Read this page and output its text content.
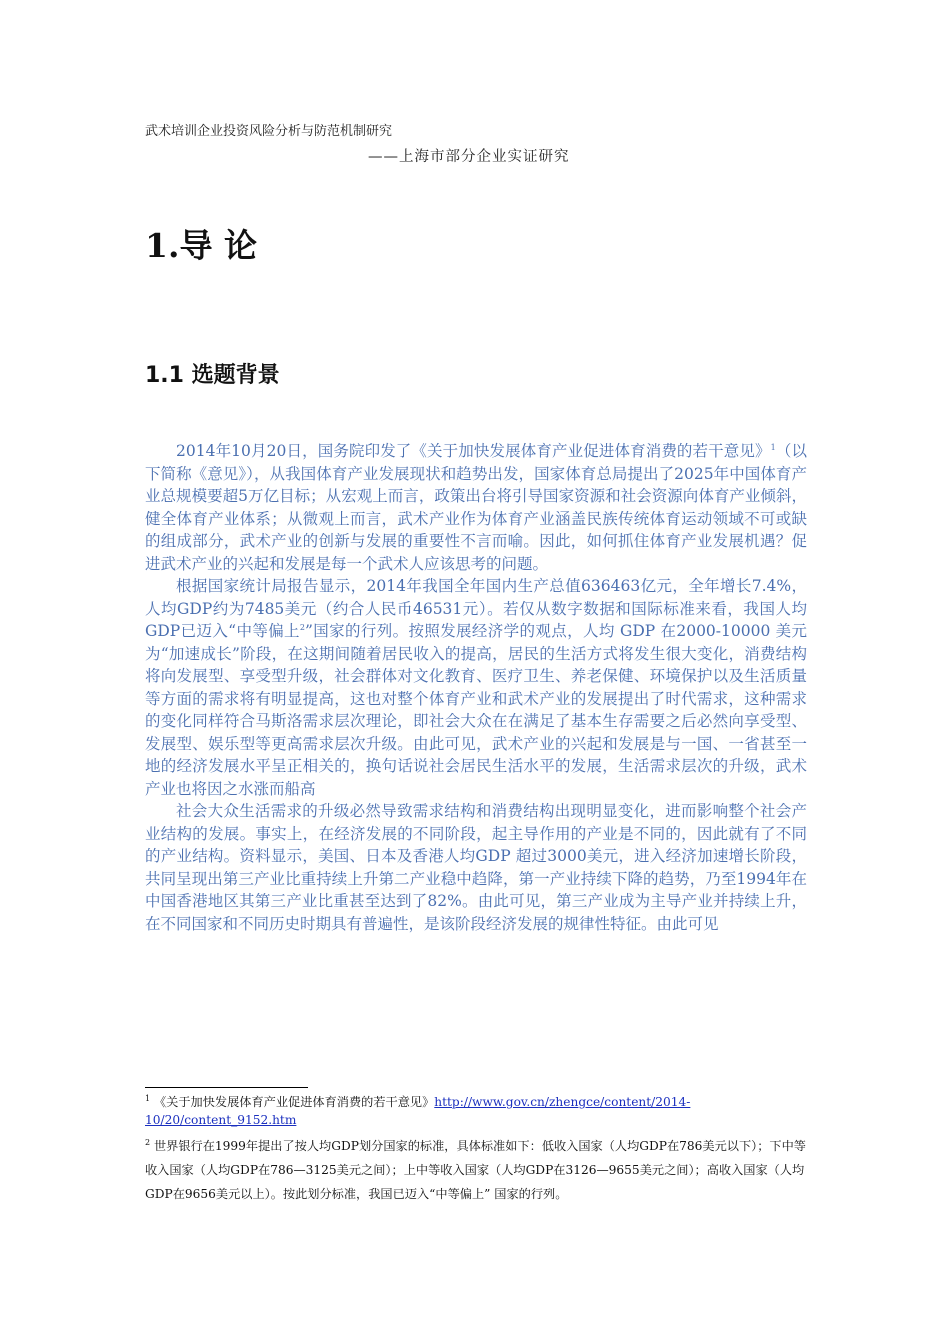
武术培训企业投资风险分析与防范机制研究
——上海市部分企业实证研究
1.导 论
1.1 选题背景

2014年10月20日，国务院印发了《关于加快发展体育产业促进体育消费的若干意见》$^1$（以下简称《意见》），从我国体育产业发展现状和趋势出发，国家体育总局提出了2025年中国体育产业总规模要超5万亿目标；从宏观上而言，政策出台将引导国家资源和社会资源向体育产业倾斜，健全体育产业体系；从微观上而言，武术产业作为体育产业涵盖民族传统体育运动领域不可或缺的组成部分，武术产业的创新与发展的重要性不言而喻。因此，如何抓住体育产业发展机遇？促进武术产业的兴起和发展是每一个武术人应该思考的问题。

根据国家统计局报告显示，2014年我国全年国内生产总值636463亿元，全年增长7.4%，人均GDP约为7485美元（约合人民币46531元）。若仅从数字数据和国际标准来看，我国人均GDP已迈入“中等偏上$^2$”国家的行列。按照发展经济学的观点，人均 GDP 在2000-10000 美元为“加速成长”阶段，在这期间随着居民收入的提高，居民的生活方式将发生很大变化，消费结构将向发展型、享受型升级，社会群体对文化教育、医疗卫生、养老保健、环境保护以及生活质量等方面的需求将有明显提高，这也对整个体育产业和武术产业的发展提出了时代需求，这种需求的变化同样符合马斯洛需求层次理论，即社会大众在在满足了基本生存需要之后必然向享受型、发展型、娱乐型等更高需求层次升级。由此可见，武术产业的兴起和发展是与一国、一省甚至一地的经济发展水平呈正相关的，换句话说社会居民生活水平的发展，生活需求层次的升级，武术产业也将因之水涨而船高

社会大众生活需求的升级必然导致需求结构和消费结构出现明显变化，进而影响整个社会产业结构的发展。事实上，在经济发展的不同阶段，起主导作用的产业是不同的，因此就有了不同的产业结构。资料显示，美国、日本及香港人均GDP 超过3000美元，进入经济加速增长阶段，共同呈现出第三产业比重持续上升第二产业稳中趋降，第一产业持续下降的趋势，乃至1994年在中国香港地区其第三产业比重甚至达到了82%。由此可见，第三产业成为主导产业并持续上升，在不同国家和不同历史时期具有普遍性，是该阶段经济发展的规律性特征。由此可见

$^1$ 《关于加快发展体育产业促进体育消费的若干意见》http://www.gov.cn/zhengce/content/2014-10/20/content_9152.htm
$^2$ 世界银行在1999年提出了按人均GDP划分国家的标准，具体标准如下：低收入国家（人均GDP在786美元以下）；下中等收入国家（人均GDP在786—3125美元之间）；上中等收入国家（人均GDP在3126—9655美元之间）；高收入国家（人均GDP在9656美元以上）。按此划分标准，我国已迈入“中等偏上” 国家的行列。
